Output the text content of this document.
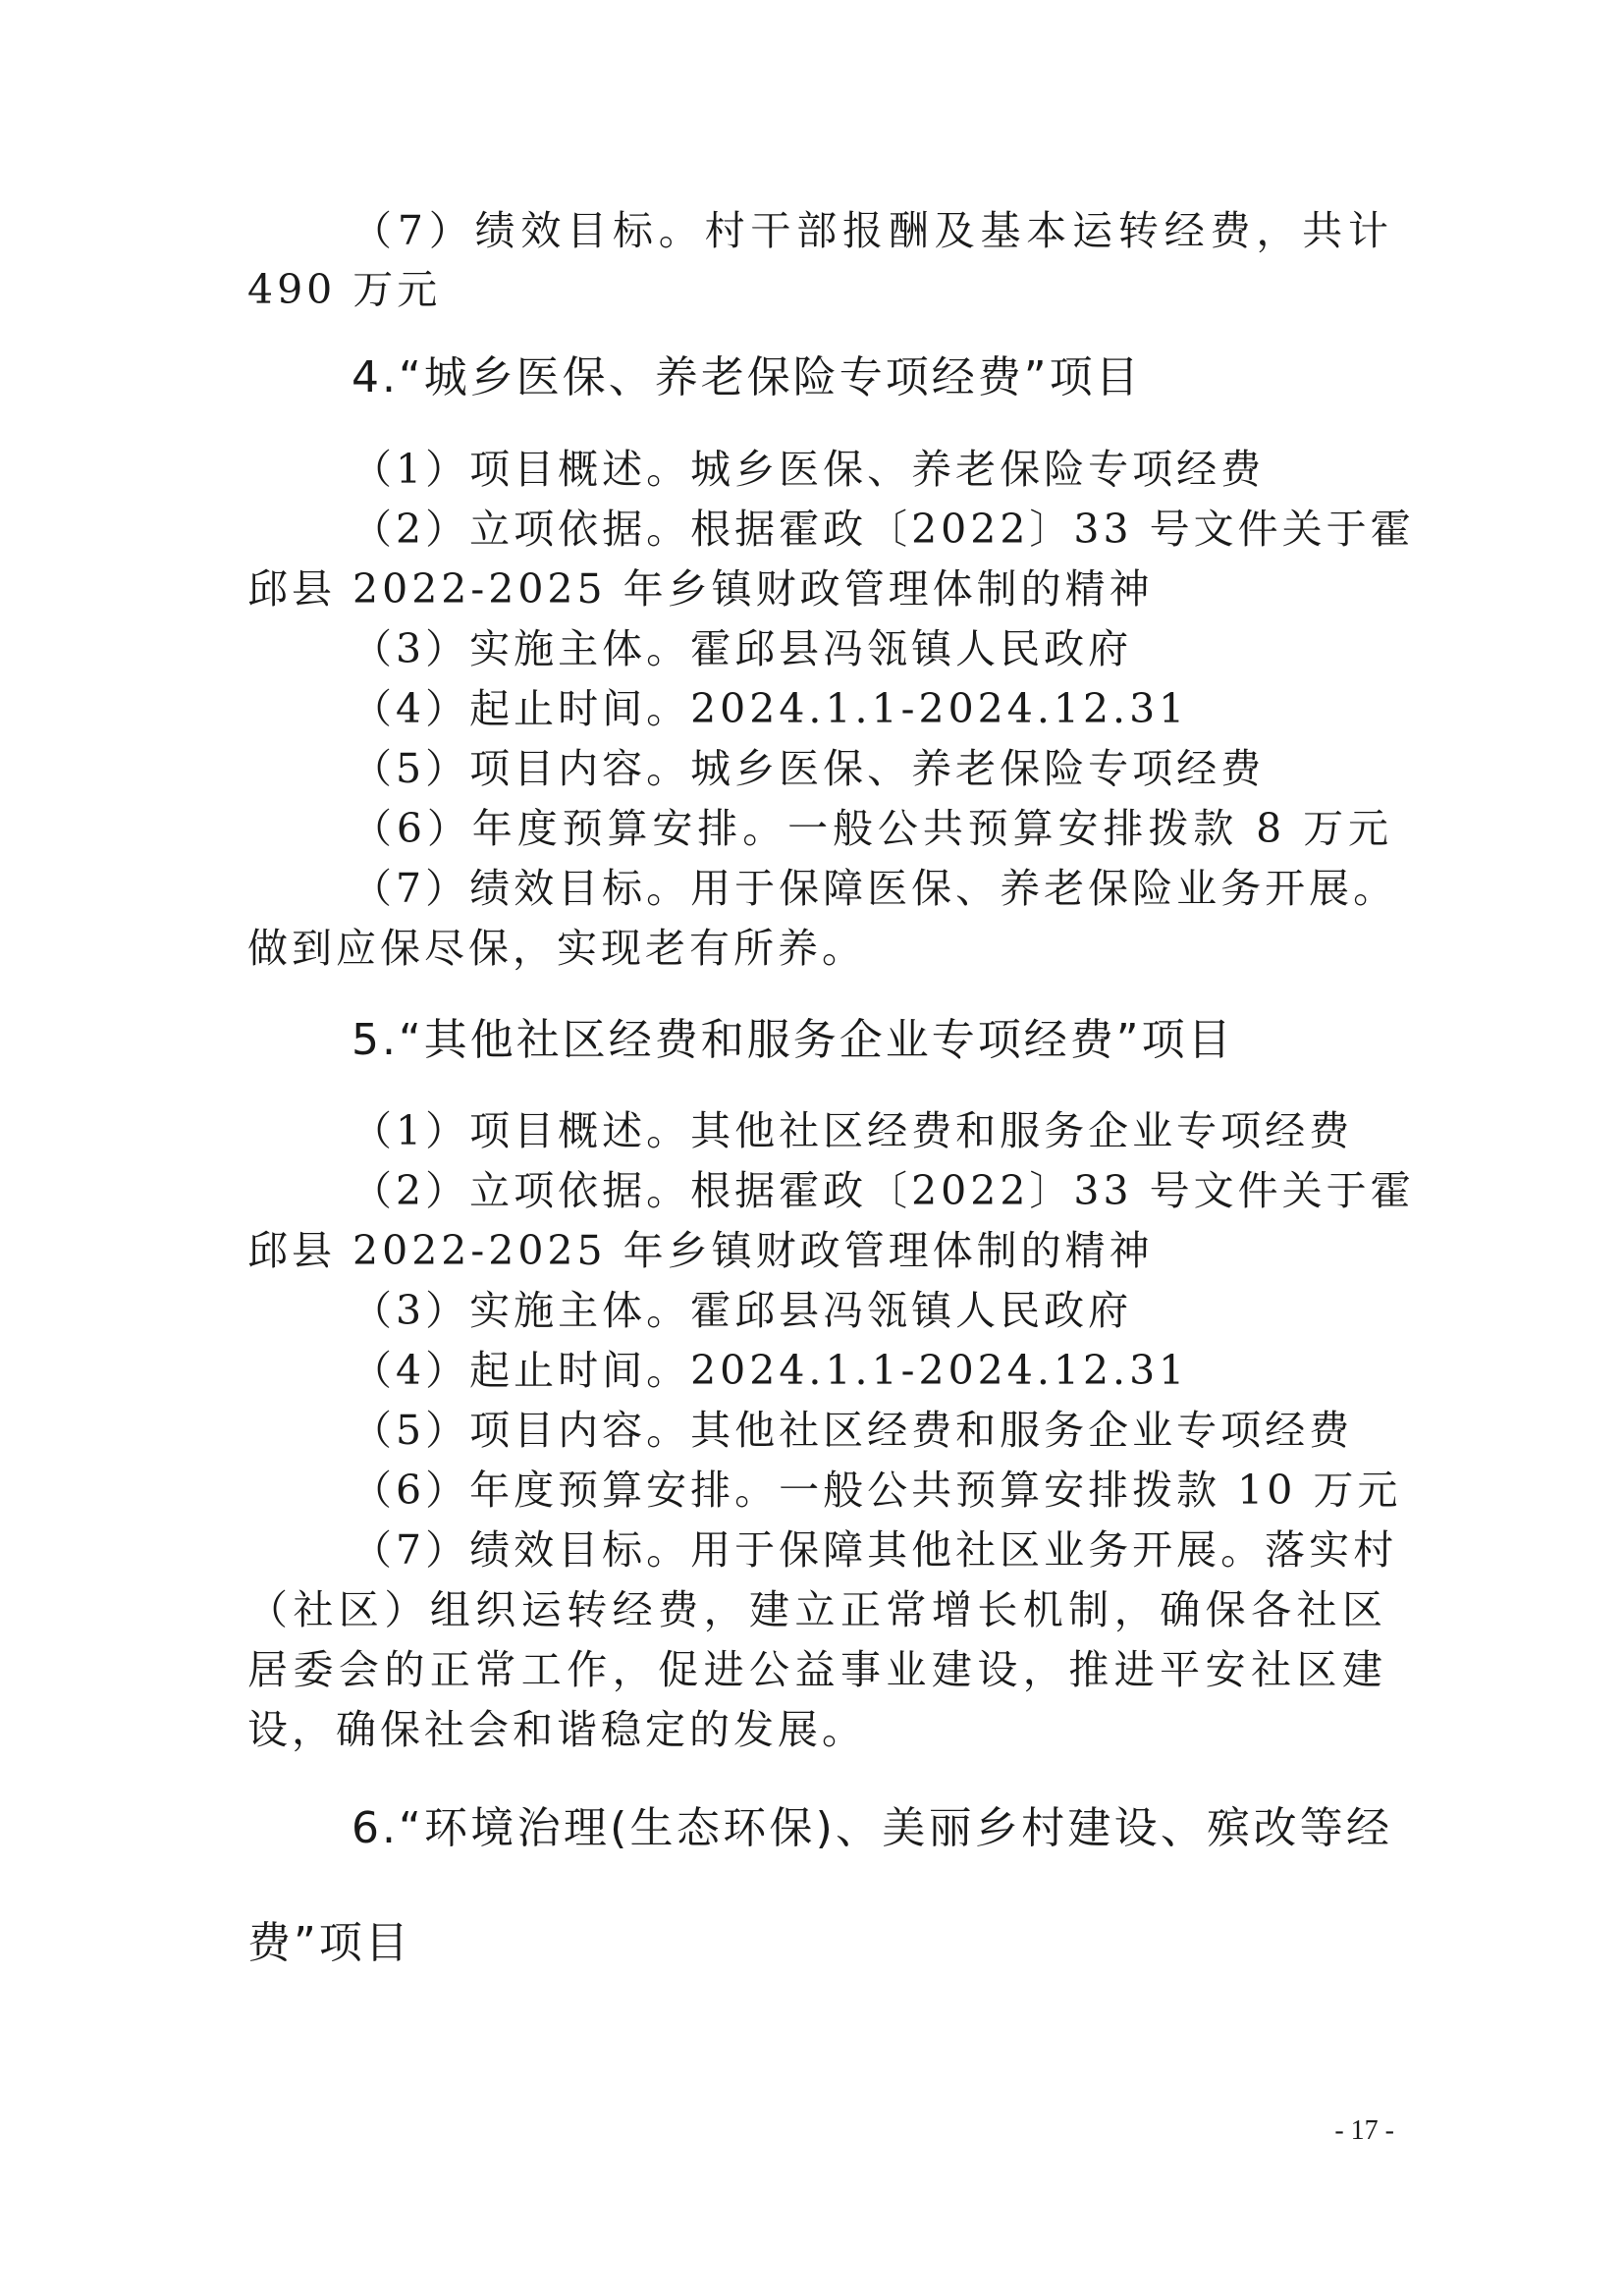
（7）绩效目标。村干部报酬及基本运转经费，共计
490 万元
4.“城乡医保、养老保险专项经费”项目
（1）项目概述。城乡医保、养老保险专项经费
（2）立项依据。根据霍政〔2022〕33 号文件关于霍
邱县 2022-2025 年乡镇财政管理体制的精神
（3）实施主体。霍邱县冯瓴镇人民政府
（4）起止时间。2024.1.1-2024.12.31
（5）项目内容。城乡医保、养老保险专项经费
（6）年度预算安排。一般公共预算安排拨款 8 万元
（7）绩效目标。用于保障医保、养老保险业务开展。
做到应保尽保，实现老有所养。
5.“其他社区经费和服务企业专项经费”项目
（1）项目概述。其他社区经费和服务企业专项经费
（2）立项依据。根据霍政〔2022〕33 号文件关于霍
邱县 2022-2025 年乡镇财政管理体制的精神
（3）实施主体。霍邱县冯瓴镇人民政府
（4）起止时间。2024.1.1-2024.12.31
（5）项目内容。其他社区经费和服务企业专项经费
（6）年度预算安排。一般公共预算安排拨款 10 万元
（7）绩效目标。用于保障其他社区业务开展。落实村
（社区）组织运转经费，建立正常增长机制，确保各社区
居委会的正常工作，促进公益事业建设，推进平安社区建
设，确保社会和谐稳定的发展。
6.“环境治理(生态环保)、美丽乡村建设、殡改等经
费”项目
- 17 -
